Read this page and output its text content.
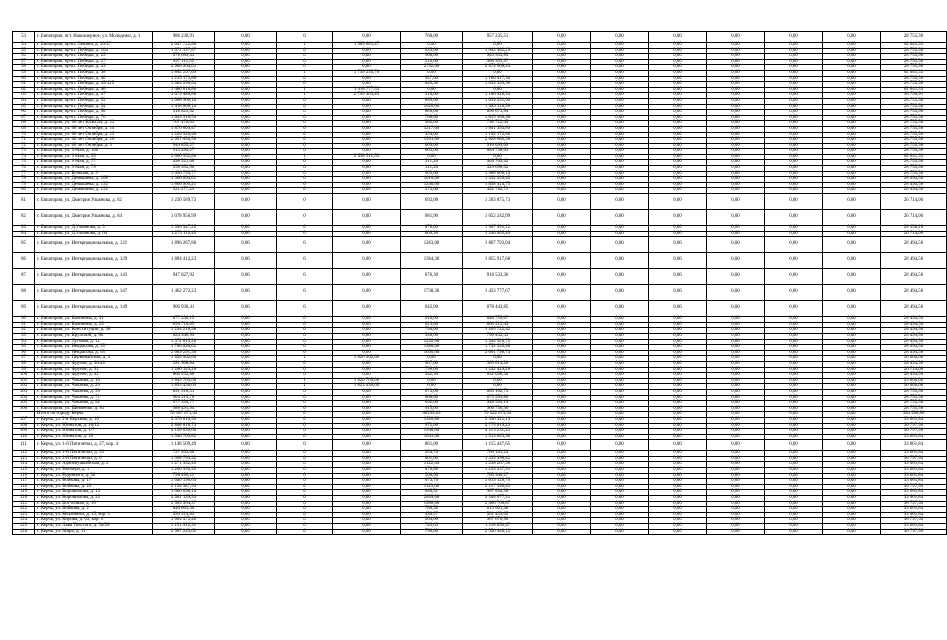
53	г. Евпатория, пгт. Новоозерное, ул. Молодежи, д. 1	986 230,91	0,00	0	0,00	760,00	957 235,51	0,00	0,00	0,00	0,00	0,00	0,00	28 755,30
54	г. Евпатория, пр-кт. Ленина, д. 20/37	2 047 722,80	0,00	1	1 985 681,47	0,00	0,00	0,00	0,00	0,00	0,00	0,00	0,00	62 041,33
55	г. Евпатория, пр-кт. Победы, д. 104	1 071 137,87	0,00	0	0,00	635,00	1 042 382,29	0,00	0,00	0,00	0,00	0,00	0,00	28 755,58
56	г. Евпатория, пр-кт. Победы, д. 25	978 689,43	0,00	0	0,00	908,00	949 933,85	0,00	0,00	0,00	0,00	0,00	0,00	28 755,58
57	г. Евпатория, пр-кт. Победы, д. 27	997 111,55	0,00	0	0,00	216,00	968 355,97	0,00	0,00	0,00	0,00	0,00	0,00	28 755,58
58	г. Евпатория, пр-кт. Победы, д. 33	2 908 264,01	0,00	0	0,00	2792,00	2 879 508,43	0,00	0,00	0,00	0,00	0,00	0,00	28 755,58
59	г. Евпатория, пр-кт. Победы, д. 38	1 862 297,09	0,00	1	1 799 255,76	0,00	0,00	0,00	0,00	0,00	0,00	0,00	0,00	62 041,33
60	г. Евпатория, пр-кт. Победы, д. 40	1 215 173,88	0,00	0	0,00	927,00	1 186 417,30	0,00	0,00	0,00	0,00	0,00	0,00	28 755,58
61	г. Евпатория, пр-кт. Победы, д. 45/125	1 064 256,54	0,00	0	0,00	849,30	1 035 399,96	0,00	0,00	0,00	0,00	0,00	0,00	28 755,58
62	г. Евпатория, пр-кт. Победы, д. 46	1 480 818,86	0,00	1	1 418 777,53	0,00	0,00	0,00	0,00	0,00	0,00	0,00	0,00	62 041,33
63	г. Евпатория, пр-кт. Победы, д. 47	3 079 480,88	0,00	1	2 799 365,45	916,00	1 186 418,54	0,00	0,00	0,00	0,00	0,00	0,00	90 796,91
64	г. Евпатория, пр-кт. Победы, д. 52	1 068 306,18	0,00	0	0,00	889,00	1 039 551,00	0,00	0,00	0,00	0,00	0,00	0,00	28 755,58
65	г. Евпатория, пр-кт. Победы, д. 54	1 418 066,14	0,00	0	0,00	1020,00	1 389 310,56	0,00	0,00	0,00	0,00	0,00	0,00	28 755,58
66	г. Евпатория, пр-кт. Победы, д. 58	918 829,52	0,00	0	0,00	689,00	890 073,94	0,00	0,00	0,00	0,00	0,00	0,00	28 755,58
67	г. Евпатория, пр-кт. Победы, д. 70	1 043 916,54	0,00	0	0,00	708,00	1 015 160,96	0,00	0,00	0,00	0,00	0,00	0,00	28 755,58
68	г. Евпатория, ул. 60 лет ВЛКСМ, д. 22	767 478,03	0,00	0	0,00	582,00	738 722,45	0,00	0,00	0,00	0,00	0,00	0,00	28 755,58
69	г. Евпатория, ул. 60 лет Октября, д. 14	1 870 609,47	0,00	0	0,00	1217,00	1 841 353,89	0,00	0,00	0,00	0,00	0,00	0,00	28 755,58
70	г. Евпатория, ул. 60 лет Октября, д. 15	1 220 928,46	0,00	0	0,00	954,00	1 192 172,88	0,00	0,00	0,00	0,00	0,00	0,00	28 755,58
71	г. Евпатория, ул. 60 лет Октября, д. 16	2 657 436,56	0,00	0	0,00	1991,00	2 628 680,98	0,00	0,00	0,00	0,00	0,00	0,00	28 755,58
72	г. Евпатория, ул. 60 лет Октября, д. 3	944 855,27	0,00	0	0,00	609,00	916 099,69	0,00	0,00	0,00	0,00	0,00	0,00	28 755,58
73	г. Евпатория, ул. 9 Мая, д. 100	913 494,27	0,00	0	0,00	663,00	884 738,69	0,00	0,00	0,00	0,00	0,00	0,00	28 755,58
74	г. Евпатория, ул. 9 Мая, д. 35	2 660 552,86	0,00	1	2 598 511,53	0,00	0,00	0,00	0,00	0,00	0,00	0,00	0,00	62 041,33
75	г. Евпатория, ул. 9 Мая, д. 77	498 521,00	0,00	0	0,00	311,20	469 765,42	0,00	0,00	0,00	0,00	0,00	0,00	28 755,58
76	г. Евпатория, ул. 9 Мая, д. 79	558 352,50	0,00	0	0,00	311,20	529 696,92	0,00	0,00	0,00	0,00	0,00	0,00	28 755,58
77	г. Евпатория, ул. Больная, д. 9	1 436 755,77	0,00	0	0,00	963,00	1 408 000,19	0,00	0,00	0,00	0,00	0,00	0,00	28 755,58
78	г. Евпатория, ул. Демышева, д. 108	1 360 894,01	0,00	0	0,00	1010,00	1 332 399,45	0,00	0,00	0,00	0,00	0,00	0,00	28 494,56
79	г. Евпатория, ул. Демышева, д. 132	1 866 909,21	0,00	0	0,00	1240,00	1 838 414,75	0,00	0,00	0,00	0,00	0,00	0,00	28 494,56
80	г. Евпатория, ул. Демышева, д. 152	521 277,29	0,00	0	0,00	373,00	492 782,73	0,00	0,00	0,00	0,00	0,00	0,00	28 494,56
81	г. Евпатория, ул. Дмитрия Ульянова, д. 62	1 230 589,73	0,00	0	0,00	692,00	1 203 875,73	0,00	0,00	0,00	0,00	0,00	0,00	26 714,00
82	г. Евпатория, ул. Дмитрия Ульянова, д. 64	1 078 956,99	0,00	0	0,00	681,90	1 052 242,99	0,00	0,00	0,00	0,00	0,00	0,00	26 714,00
83	г. Евпатория, ул. Д.Ульянова, д. 3	1 336 347,25	0,00	0	0,00	878,00	1 307 991,12	0,00	0,00	0,00	0,00	0,00	0,00	28 356,28
84	г. Евпатория, ул. Д.Ульянова, д. 64	1 273 119,49	0,00	0	0,00	809,30	1 246 405,49	0,00	0,00	0,00	0,00	0,00	0,00	26 714,00
85	г. Евпатория, ул. Интернациональная, д. 121	1 896 287,86	0,00	0	0,00	1263,00	1 867 793,04	0,00	0,00	0,00	0,00	0,00	0,00	28 494,56
86	г. Евпатория, ул. Интернациональная, д. 129	1 884 412,23	0,00	0	0,00	1364,30	1 855 917,68	0,00	0,00	0,00	0,00	0,00	0,00	28 494,56
87	г. Евпатория, ул. Интернациональная, д. 143	947 027,92	0,00	0	0,00	676,30	918 533,36	0,00	0,00	0,00	0,00	0,00	0,00	28 494,56
88	г. Евпатория, ул. Интернациональная, д. 147	1 462 272,23	0,00	0	0,00	1738,30	1 433 777,67	0,00	0,00	0,00	0,00	0,00	0,00	28 494,56
89	г. Евпатория, ул. Интернациональная, д. 149	906 938,41	0,00	0	0,00	642,90	878 443,85	0,00	0,00	0,00	0,00	0,00	0,00	28 494,56
90	г. Евпатория, ул. Калинина, д. 31	877 250,15	0,00	0	0,00	610,00	848 755,67	0,00	0,00	0,00	0,00	0,00	0,00	28 494,56
91	г. Евпатория, ул. Калинина, д. 25	894 710,05	0,00	0	0,00	623,80	866 215,49	0,00	0,00	0,00	0,00	0,00	0,00	28 494,56
92	г. Евпатория, ул. Конституции, д. 38	1 294 216,98	0,00	0	0,00	794,00	1 265 722,42	0,00	0,00	0,00	0,00	0,00	0,00	28 494,56
93	г. Евпатория, ул. Крупской, д. 60	824 946,99	0,00	0	0,00	540,00	796 452,43	0,00	0,00	0,00	0,00	0,00	0,00	28 494,56
94	г. Евпатория, ул. Луговая, д. 11	1 372 815,28	0,00	0	0,00	1292,00	1 344 320,72	0,00	0,00	0,00	0,00	0,00	0,00	28 494,56
95	г. Евпатория, ул. Некрасова, д. 35	1 780 830,02	0,00	0	0,00	1380,00	1 752 335,46	0,00	0,00	0,00	0,00	0,00	0,00	28 494,56
96	г. Евпатория, ул. Некрасова, д. 63	2 089 291,30	0,00	0	0,00	1650,00	2 061 796,74	0,00	0,00	0,00	0,00	0,00	0,00	28 494,56
97	г. Евпатория, ул. Первомайская, д. 4	1 850 962,66	0,00	1	1 820 962,66	0,00	0,00	0,00	0,00	0,00	0,00	0,00	0,00	30 000,00
98	г. Евпатория, ул. Фрунзе, д. 30/48	391 508,84	0,00	0	0,00	307,00	363 014,28	0,00	0,00	0,00	0,00	0,00	0,00	28 494,56
99	г. Евпатория, ул. Фрунзе, д. 31	1 260 143,26	0,00	0	0,00	796,00	1 232 429,26	0,00	0,00	0,00	0,00	0,00	0,00	26 714,00
100	г. Евпатория, ул. Фрунзе, д. 42	860 552,86	0,00	0	0,00	542,33	832 058,30	0,00	0,00	0,00	0,00	0,00	0,00	28 494,56
101	г. Евпатория, ул. Чапаева, д. 10	1 849 765,00	0,00	1	1 820 765,00	0,00	0,00	0,00	0,00	0,00	0,00	0,00	0,00	29 000,00
102	г. Евпатория, ул. Чапаева, д. 29	1 853 430,65	0,00	1	1 823 430,65	0,00	0,00	0,00	0,00	0,00	0,00	0,00	0,00	30 000,00
103	г. Евпатория, ул. Чапаева, д. 59	891 918,31	0,00	0	0,00	673,00	863 162,73	0,00	0,00	0,00	0,00	0,00	0,00	28 755,58
104	г. Евпатория, ул. Чапаева, д. 71	904 315,70	0,00	0	0,00	668,00	875 559,86	0,00	0,00	0,00	0,00	0,00	0,00	28 755,58
105	г. Евпатория, ул. Чапаева, д. 82	977 354,77	0,00	0	0,00	692,00	948 599,19	0,00	0,00	0,00	0,00	0,00	0,00	28 755,58
106	г. Евпатория, ул. Шевченко, д. 81	988 491,94	0,00	0	0,00	615,00	960 736,36	0,00	0,00	0,00	0,00	0,00	0,00	28 755,58
	Итого по городу Керчь	70 107 671,45	0,00	0	0,00	60299,69	70 522 075,59	0,00	0,00	0,00	0,00	0,00	0,00	584 996,86
107	г. Керчь, ул. 2-я Верхняя, д. 10	3 370 018,99	0,00	0	0,00	1926,00	3 336 321,19	0,00	0,00	0,00	0,00	0,00	0,00	33 061,84
108	г. Керчь, ул. Юннатов, д. 10/12	2 808 816,73	0,00	0	0,00	972,00	2 775 019,23	0,00	0,00	0,00	0,00	0,00	0,00	36 797,50
109	г. Керчь, ул. Юннатов, д. 1/7	4 150 039,00	0,00	0	0,00	1940,00	4 113 231,23	0,00	0,00	0,00	0,00	0,00	0,00	36 797,50
110	г. Керчь, ул. Юннатов, д. 18	1 546 705,82	0,00	0	0,00	1041,00	1 513 643,98	0,00	0,00	0,00	0,00	0,00	0,00	33 061,84
111	г. Керчь, ул. 1-й Пятилетки, д. 27, кор. 4	1 148 509,49	0,00	0	0,00	861,00	1 115 447,65	0,00	0,00	0,00	0,00	0,00	0,00	33 061,84
112	г. Керчь, ул. 1-й Пятилетки, д. 33	797 203,08	0,00	0	0,00	954,70	764 141,24	0,00	0,00	0,00	0,00	0,00	0,00	33 061,84
113	г. Керчь, ул. 2-й Пятилетки, д. 6	1 368 793,92	0,00	0	0,00	861,00	1 335 996,42	0,00	0,00	0,00	0,00	0,00	0,00	36 797,50
114	г. Керчь, ул. Аджимушкайская, д. 6	1 271 332,49	0,00	0	0,00	1122,44	1 238 267,56	0,00	0,00	0,00	0,00	0,00	0,00	33 061,84
115	г. Керчь, ул. Блюхера, д. 1	1 266 999,35	0,00	0	0,00	878,86	1 233 937,51	0,00	0,00	0,00	0,00	0,00	0,00	33 061,84
116	г. Керчь, ул. Буденного, д. 30	798 408,11	0,00	0	0,00	506,00	765 346,27	0,00	0,00	0,00	0,00	0,00	0,00	33 061,84
117	г. Керчь, ул. Войкова, д. 17	1 046 190,63	0,00	0	0,00	673,70	1 013 128,79	0,00	0,00	0,00	0,00	0,00	0,00	33 061,84
118	г. Керчь, ул. Войкова, д. 29	2 154 387,93	0,00	0	0,00	1123,00	2 117 590,43	0,00	0,00	0,00	0,00	0,00	0,00	36 797,50
119	г. Керчь, ул. Ворошилова, д. 13	1 000 896,14	0,00	0	0,00	648,51	967 834,30	0,00	0,00	0,00	0,00	0,00	0,00	33 061,84
120	г. Керчь, ул. Ворошилова, д. 22	3 581 139,53	0,00	0	0,00	2899,00	3 548 077,31	0,00	0,00	0,00	0,00	0,00	0,00	33 061,84
121	г. Керчь, ул. Восточная, д. 10	2 503 564,37	0,00	0	0,00	1986,00	2 466 766,87	0,00	0,00	0,00	0,00	0,00	0,00	36 797,50
122	г. Керчь, ул. Войкова, д. 2	846 063,30	0,00	0	0,00	786,56	813 001,46	0,00	0,00	0,00	0,00	0,00	0,00	33 061,84
123	г. Керчь, ул. Кецховели, д. 15, кор. 1	594 514,89	0,00	0	0,00	458,57	561 453,05	0,00	0,00	0,00	0,00	0,00	0,00	33 061,84
124	г. Керчь, ул. Кирова, д. 63, кор. 6	1 004 473,48	0,00	0	0,00	564,00	967 676,98	0,00	0,00	0,00	0,00	0,00	0,00	36 797,50
125	г. Керчь, ул. Льва Толстого, д. 54/20	1 151 912,31	0,00	0	0,00	745,63	1 118 850,47	0,00	0,00	0,00	0,00	0,00	0,00	33 061,84
126	г. Керчь, ул. Мира, д. 11	2 587 243,62	0,00	0	0,00	790,00	2 550 446,12	0,00	0,00	0,00	0,00	0,00	0,00	36 797,50
